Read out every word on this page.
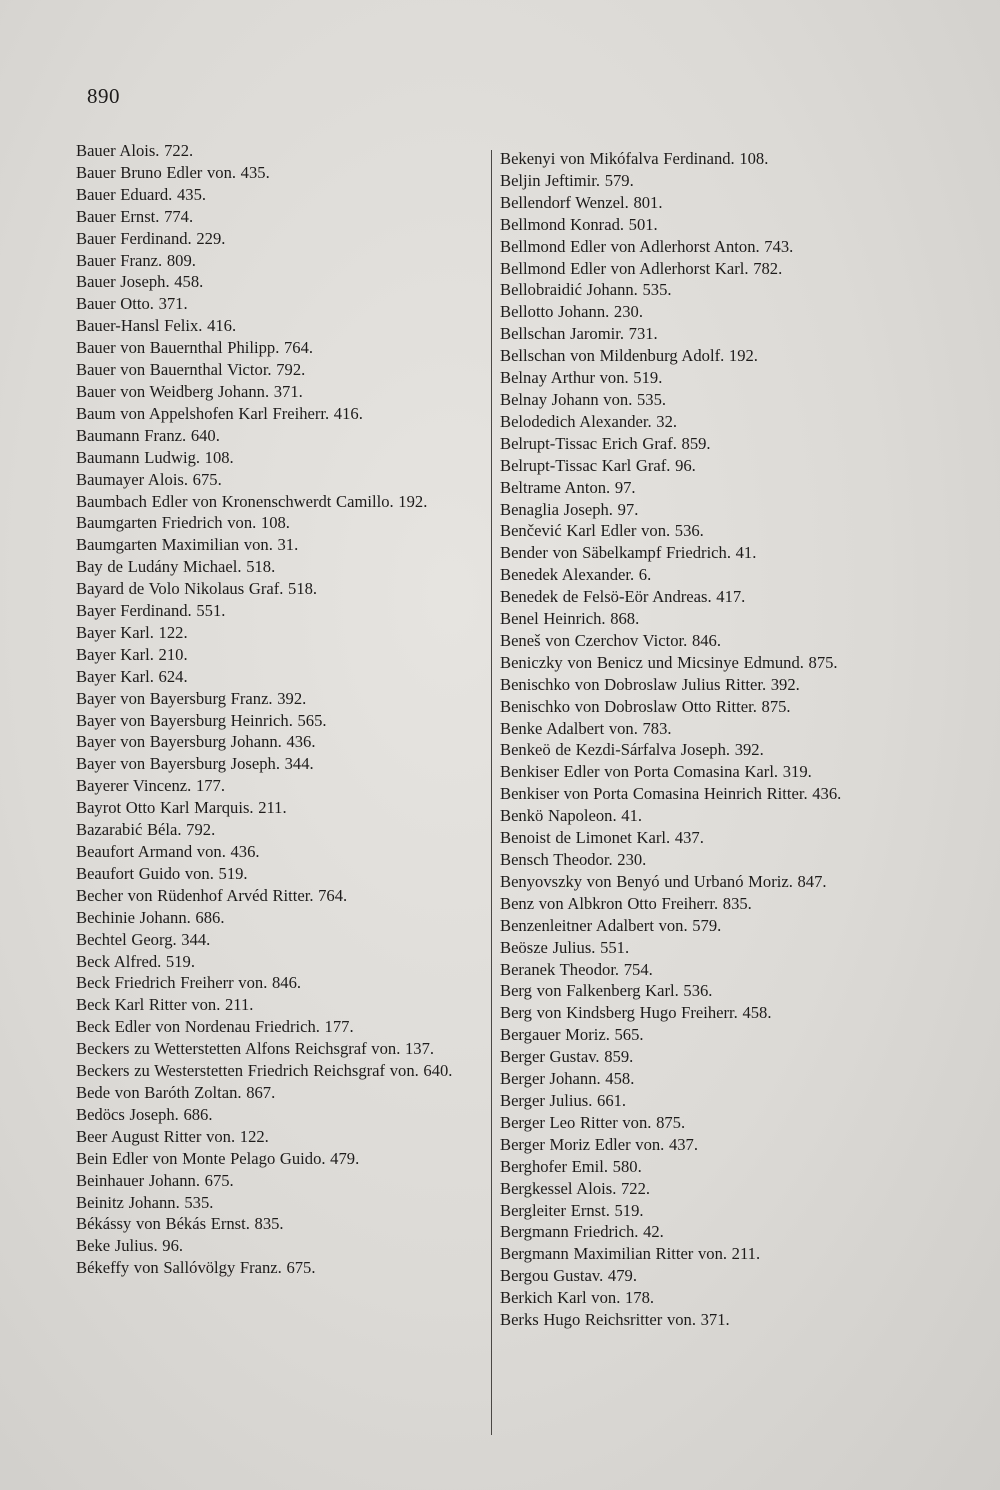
890
Bauer Alois. 722.
Bauer Bruno Edler von. 435.
Bauer Eduard. 435.
Bauer Ernst. 774.
Bauer Ferdinand. 229.
Bauer Franz. 809.
Bauer Joseph. 458.
Bauer Otto. 371.
Bauer-Hansl Felix. 416.
Bauer von Bauernthal Philipp. 764.
Bauer von Bauernthal Victor. 792.
Bauer von Weidberg Johann. 371.
Baum von Appelshofen Karl Freiherr. 416.
Baumann Franz. 640.
Baumann Ludwig. 108.
Baumayer Alois. 675.
Baumbach Edler von Kronenschwerdt Camillo. 192.
Baumgarten Friedrich von. 108.
Baumgarten Maximilian von. 31.
Bay de Ludány Michael. 518.
Bayard de Volo Nikolaus Graf. 518.
Bayer Ferdinand. 551.
Bayer Karl. 122.
Bayer Karl. 210.
Bayer Karl. 624.
Bayer von Bayersburg Franz. 392.
Bayer von Bayersburg Heinrich. 565.
Bayer von Bayersburg Johann. 436.
Bayer von Bayersburg Joseph. 344.
Bayerer Vincenz. 177.
Bayrot Otto Karl Marquis. 211.
Bazarabić Béla. 792.
Beaufort Armand von. 436.
Beaufort Guido von. 519.
Becher von Rüdenhof Arvéd Ritter. 764.
Bechinie Johann. 686.
Bechtel Georg. 344.
Beck Alfred. 519.
Beck Friedrich Freiherr von. 846.
Beck Karl Ritter von. 211.
Beck Edler von Nordenau Friedrich. 177.
Beckers zu Wetterstetten Alfons Reichsgraf von. 137.
Beckers zu Westerstetten Friedrich Reichsgraf von. 640.
Bede von Baróth Zoltan. 867.
Bedöcs Joseph. 686.
Beer August Ritter von. 122.
Bein Edler von Monte Pelago Guido. 479.
Beinhauer Johann. 675.
Beinitz Johann. 535.
Békássy von Békás Ernst. 835.
Beke Julius. 96.
Békeffy von Sallóvölgy Franz. 675.
Bekenyi von Mikófalva Ferdinand. 108.
Beljin Jeftimir. 579.
Bellendorf Wenzel. 801.
Bellmond Konrad. 501.
Bellmond Edler von Adlerhorst Anton. 743.
Bellmond Edler von Adlerhorst Karl. 782.
Bellobraidić Johann. 535.
Bellotto Johann. 230.
Bellschan Jaromir. 731.
Bellschan von Mildenburg Adolf. 192.
Belnay Arthur von. 519.
Belnay Johann von. 535.
Belodedich Alexander. 32.
Belrupt-Tissac Erich Graf. 859.
Belrupt-Tissac Karl Graf. 96.
Beltrame Anton. 97.
Benaglia Joseph. 97.
Benčević Karl Edler von. 536.
Bender von Säbelkampf Friedrich. 41.
Benedek Alexander. 6.
Benedek de Felsö-Eör Andreas. 417.
Benel Heinrich. 868.
Beneš von Czerchov Victor. 846.
Beniczky von Benicz und Micsinye Edmund. 875.
Benischko von Dobroslaw Julius Ritter. 392.
Benischko von Dobroslaw Otto Ritter. 875.
Benke Adalbert von. 783.
Benkeö de Kezdi-Sárfalva Joseph. 392.
Benkiser Edler von Porta Comasina Karl. 319.
Benkiser von Porta Comasina Heinrich Ritter. 436.
Benkö Napoleon. 41.
Benoist de Limonet Karl. 437.
Bensch Theodor. 230.
Benyovszky von Benyó und Urbanó Moriz. 847.
Benz von Albkron Otto Freiherr. 835.
Benzenleitner Adalbert von. 579.
Beösze Julius. 551.
Beranek Theodor. 754.
Berg von Falkenberg Karl. 536.
Berg von Kindsberg Hugo Freiherr. 458.
Bergauer Moriz. 565.
Berger Gustav. 859.
Berger Johann. 458.
Berger Julius. 661.
Berger Leo Ritter von. 875.
Berger Moriz Edler von. 437.
Berghofer Emil. 580.
Bergkessel Alois. 722.
Bergleiter Ernst. 519.
Bergmann Friedrich. 42.
Bergmann Maximilian Ritter von. 211.
Bergou Gustav. 479.
Berkich Karl von. 178.
Berks Hugo Reichsritter von. 371.
